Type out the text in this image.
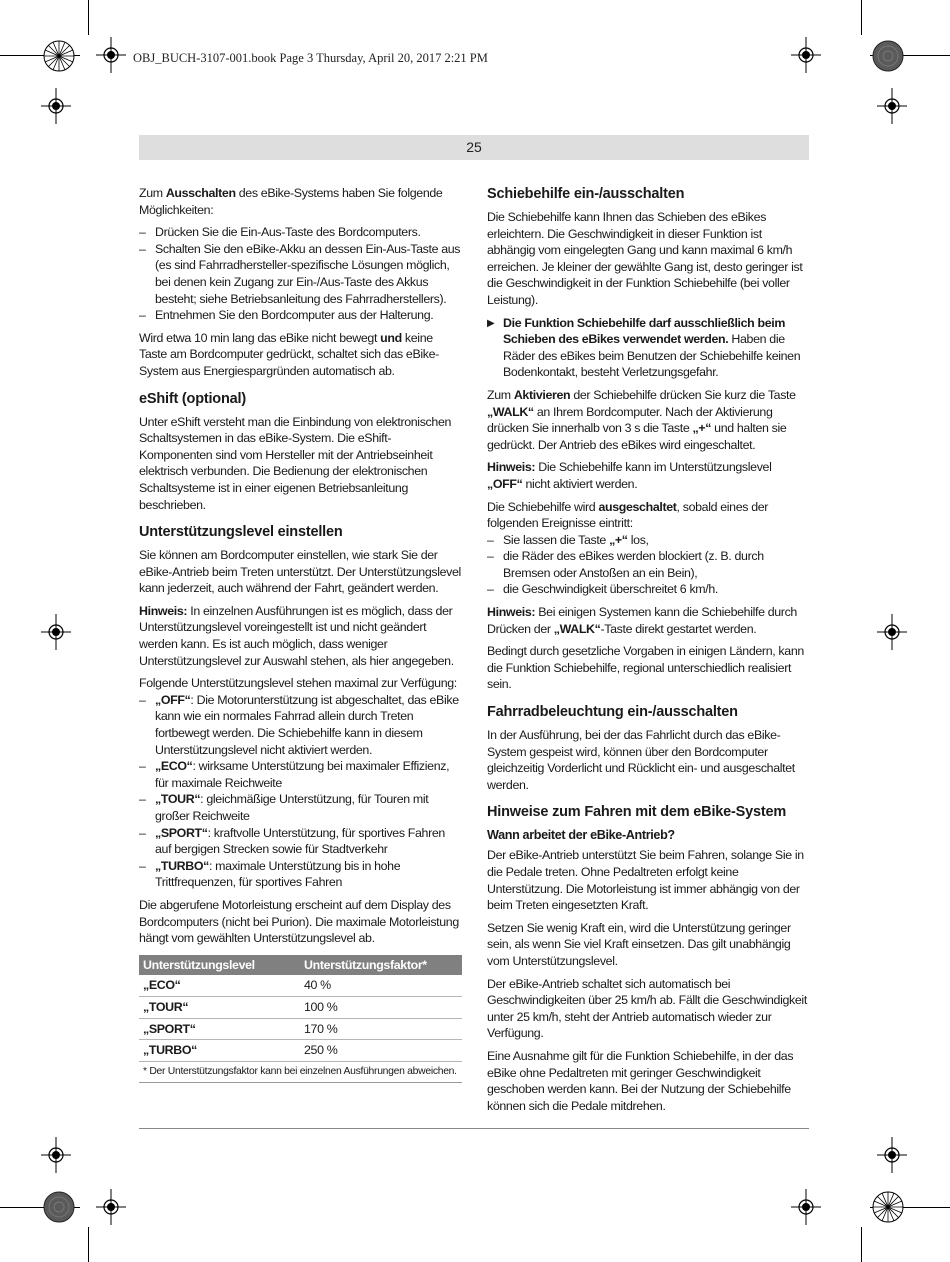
OBJ_BUCH-3107-001.book Page 3 Thursday, April 20, 2017 2:21 PM
25

Zum Ausschalten des eBike-Systems haben Sie folgende Möglichkeiten:

– Drücken Sie die Ein-Aus-Taste des Bordcomputers.
– Schalten Sie den eBike-Akku an dessen Ein-Aus-Taste aus (es sind Fahrradhersteller-spezifische Lösungen möglich, bei denen kein Zugang zur Ein-/Aus-Taste des Akkus besteht; siehe Betriebsanleitung des Fahrradherstellers).
– Entnehmen Sie den Bordcomputer aus der Halterung.

Wird etwa 10 min lang das eBike nicht bewegt und keine Taste am Bordcomputer gedrückt, schaltet sich das eBike-System aus Energiespargründen automatisch ab.

eShift (optional)

Unter eShift versteht man die Einbindung von elektronischen Schaltsystemen in das eBike-System. Die eShift-Komponenten sind vom Hersteller mit der Antriebseinheit elektrisch verbunden. Die Bedienung der elektronischen Schaltsysteme ist in einer eigenen Betriebsanleitung beschrieben.

Unterstützungslevel einstellen

Sie können am Bordcomputer einstellen, wie stark Sie der eBike-Antrieb beim Treten unterstützt. Der Unterstützungslevel kann jederzeit, auch während der Fahrt, geändert werden.

Hinweis: In einzelnen Ausführungen ist es möglich, dass der Unterstützungslevel voreingestellt ist und nicht geändert werden kann. Es ist auch möglich, dass weniger Unterstützungslevel zur Auswahl stehen, als hier angegeben.

Folgende Unterstützungslevel stehen maximal zur Verfügung:

– „OFF“: Die Motorunterstützung ist abgeschaltet, das eBike kann wie ein normales Fahrrad allein durch Treten fortbewegt werden. Die Schiebehilfe kann in diesem Unterstützungslevel nicht aktiviert werden.
– „ECO“: wirksame Unterstützung bei maximaler Effizienz, für maximale Reichweite
– „TOUR“: gleichmäßige Unterstützung, für Touren mit großer Reichweite
– „SPORT“: kraftvolle Unterstützung, für sportives Fahren auf bergigen Strecken sowie für Stadtverkehr
– „TURBO“: maximale Unterstützung bis in hohe Trittfrequenzen, für sportives Fahren

Die abgerufene Motorleistung erscheint auf dem Display des Bordcomputers (nicht bei Purion). Die maximale Motorleistung hängt vom gewählten Unterstützungslevel ab.

Unterstützungslevel	Unterstützungsfaktor*
„ECO“	40 %
„TOUR“	100 %
„SPORT“	170 %
„TURBO“	250 %
* Der Unterstützungsfaktor kann bei einzelnen Ausführungen abweichen.
Schiebehilfe ein-/ausschalten

Die Schiebehilfe kann Ihnen das Schieben des eBikes erleichtern. Die Geschwindigkeit in dieser Funktion ist abhängig vom eingelegten Gang und kann maximal 6 km/h erreichen. Je kleiner der gewählte Gang ist, desto geringer ist die Geschwindigkeit in der Funktion Schiebehilfe (bei voller Leistung).

▶ Die Funktion Schiebehilfe darf ausschließlich beim Schieben des eBikes verwendet werden. Haben die Räder des eBikes beim Benutzen der Schiebehilfe keinen Bodenkontakt, besteht Verletzungsgefahr.

Zum Aktivieren der Schiebehilfe drücken Sie kurz die Taste „WALK“ an Ihrem Bordcomputer. Nach der Aktivierung drücken Sie innerhalb von 3 s die Taste „+“ und halten sie gedrückt. Der Antrieb des eBikes wird eingeschaltet.

Hinweis: Die Schiebehilfe kann im Unterstützungslevel „OFF“ nicht aktiviert werden.

Die Schiebehilfe wird ausgeschaltet, sobald eines der folgenden Ereignisse eintritt:

– Sie lassen die Taste „+“ los,
– die Räder des eBikes werden blockiert (z. B. durch Bremsen oder Anstoßen an ein Bein),
– die Geschwindigkeit überschreitet 6 km/h.

Hinweis: Bei einigen Systemen kann die Schiebehilfe durch Drücken der „WALK“-Taste direkt gestartet werden.

Bedingt durch gesetzliche Vorgaben in einigen Ländern, kann die Funktion Schiebehilfe, regional unterschiedlich realisiert sein.

Fahrradbeleuchtung ein-/ausschalten

In der Ausführung, bei der das Fahrlicht durch das eBike-System gespeist wird, können über den Bordcomputer gleichzeitig Vorderlicht und Rücklicht ein- und ausgeschaltet werden.

Hinweise zum Fahren mit dem eBike-System
Wann arbeitet der eBike-Antrieb?

Der eBike-Antrieb unterstützt Sie beim Fahren, solange Sie in die Pedale treten. Ohne Pedaltreten erfolgt keine Unterstützung. Die Motorleistung ist immer abhängig von der beim Treten eingesetzten Kraft.

Setzen Sie wenig Kraft ein, wird die Unterstützung geringer sein, als wenn Sie viel Kraft einsetzen. Das gilt unabhängig vom Unterstützungslevel.

Der eBike-Antrieb schaltet sich automatisch bei Geschwindigkeiten über 25 km/h ab. Fällt die Geschwindigkeit unter 25 km/h, steht der Antrieb automatisch wieder zur Verfügung.

Eine Ausnahme gilt für die Funktion Schiebehilfe, in der das eBike ohne Pedaltreten mit geringer Geschwindigkeit geschoben werden kann. Bei der Nutzung der Schiebehilfe können sich die Pedale mitdrehen.
